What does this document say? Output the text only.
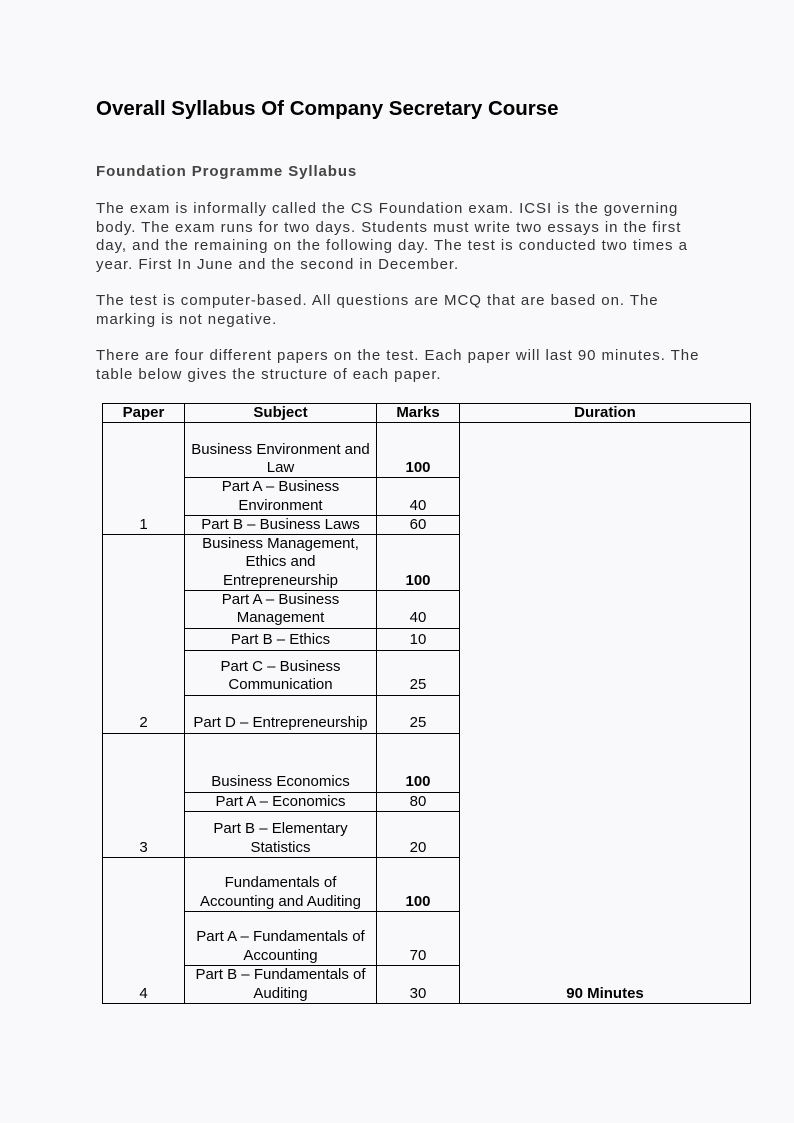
Overall Syllabus Of Company Secretary Course
Foundation Programme Syllabus

The exam is informally called the CS Foundation exam. ICSI is the governing body. The exam runs for two days. Students must write two essays in the first day, and the remaining on the following day. The test is conducted two times a year. First In June and the second in December.

The test is computer-based. All questions are MCQ that are based on. The marking is not negative.

There are four different papers on the test. Each paper will last 90 minutes. The table below gives the structure of each paper.

Paper	Subject	Marks	Duration
1	Business Environment and Law	100	90 Minutes
	Part A – Business Environment	40	
	Part B – Business Laws	60	
2	Business Management, Ethics and Entrepreneurship	100	
	Part A – Business Management	40	
	Part B – Ethics	10	
	Part C – Business Communication	25	
	Part D – Entrepreneurship	25	
3	Business Economics	100	
	Part A – Economics	80	
	Part B – Elementary Statistics	20	
4	Fundamentals of Accounting and Auditing	100	
	Part A – Fundamentals of Accounting	70	
	Part B – Fundamentals of Auditing	30	
